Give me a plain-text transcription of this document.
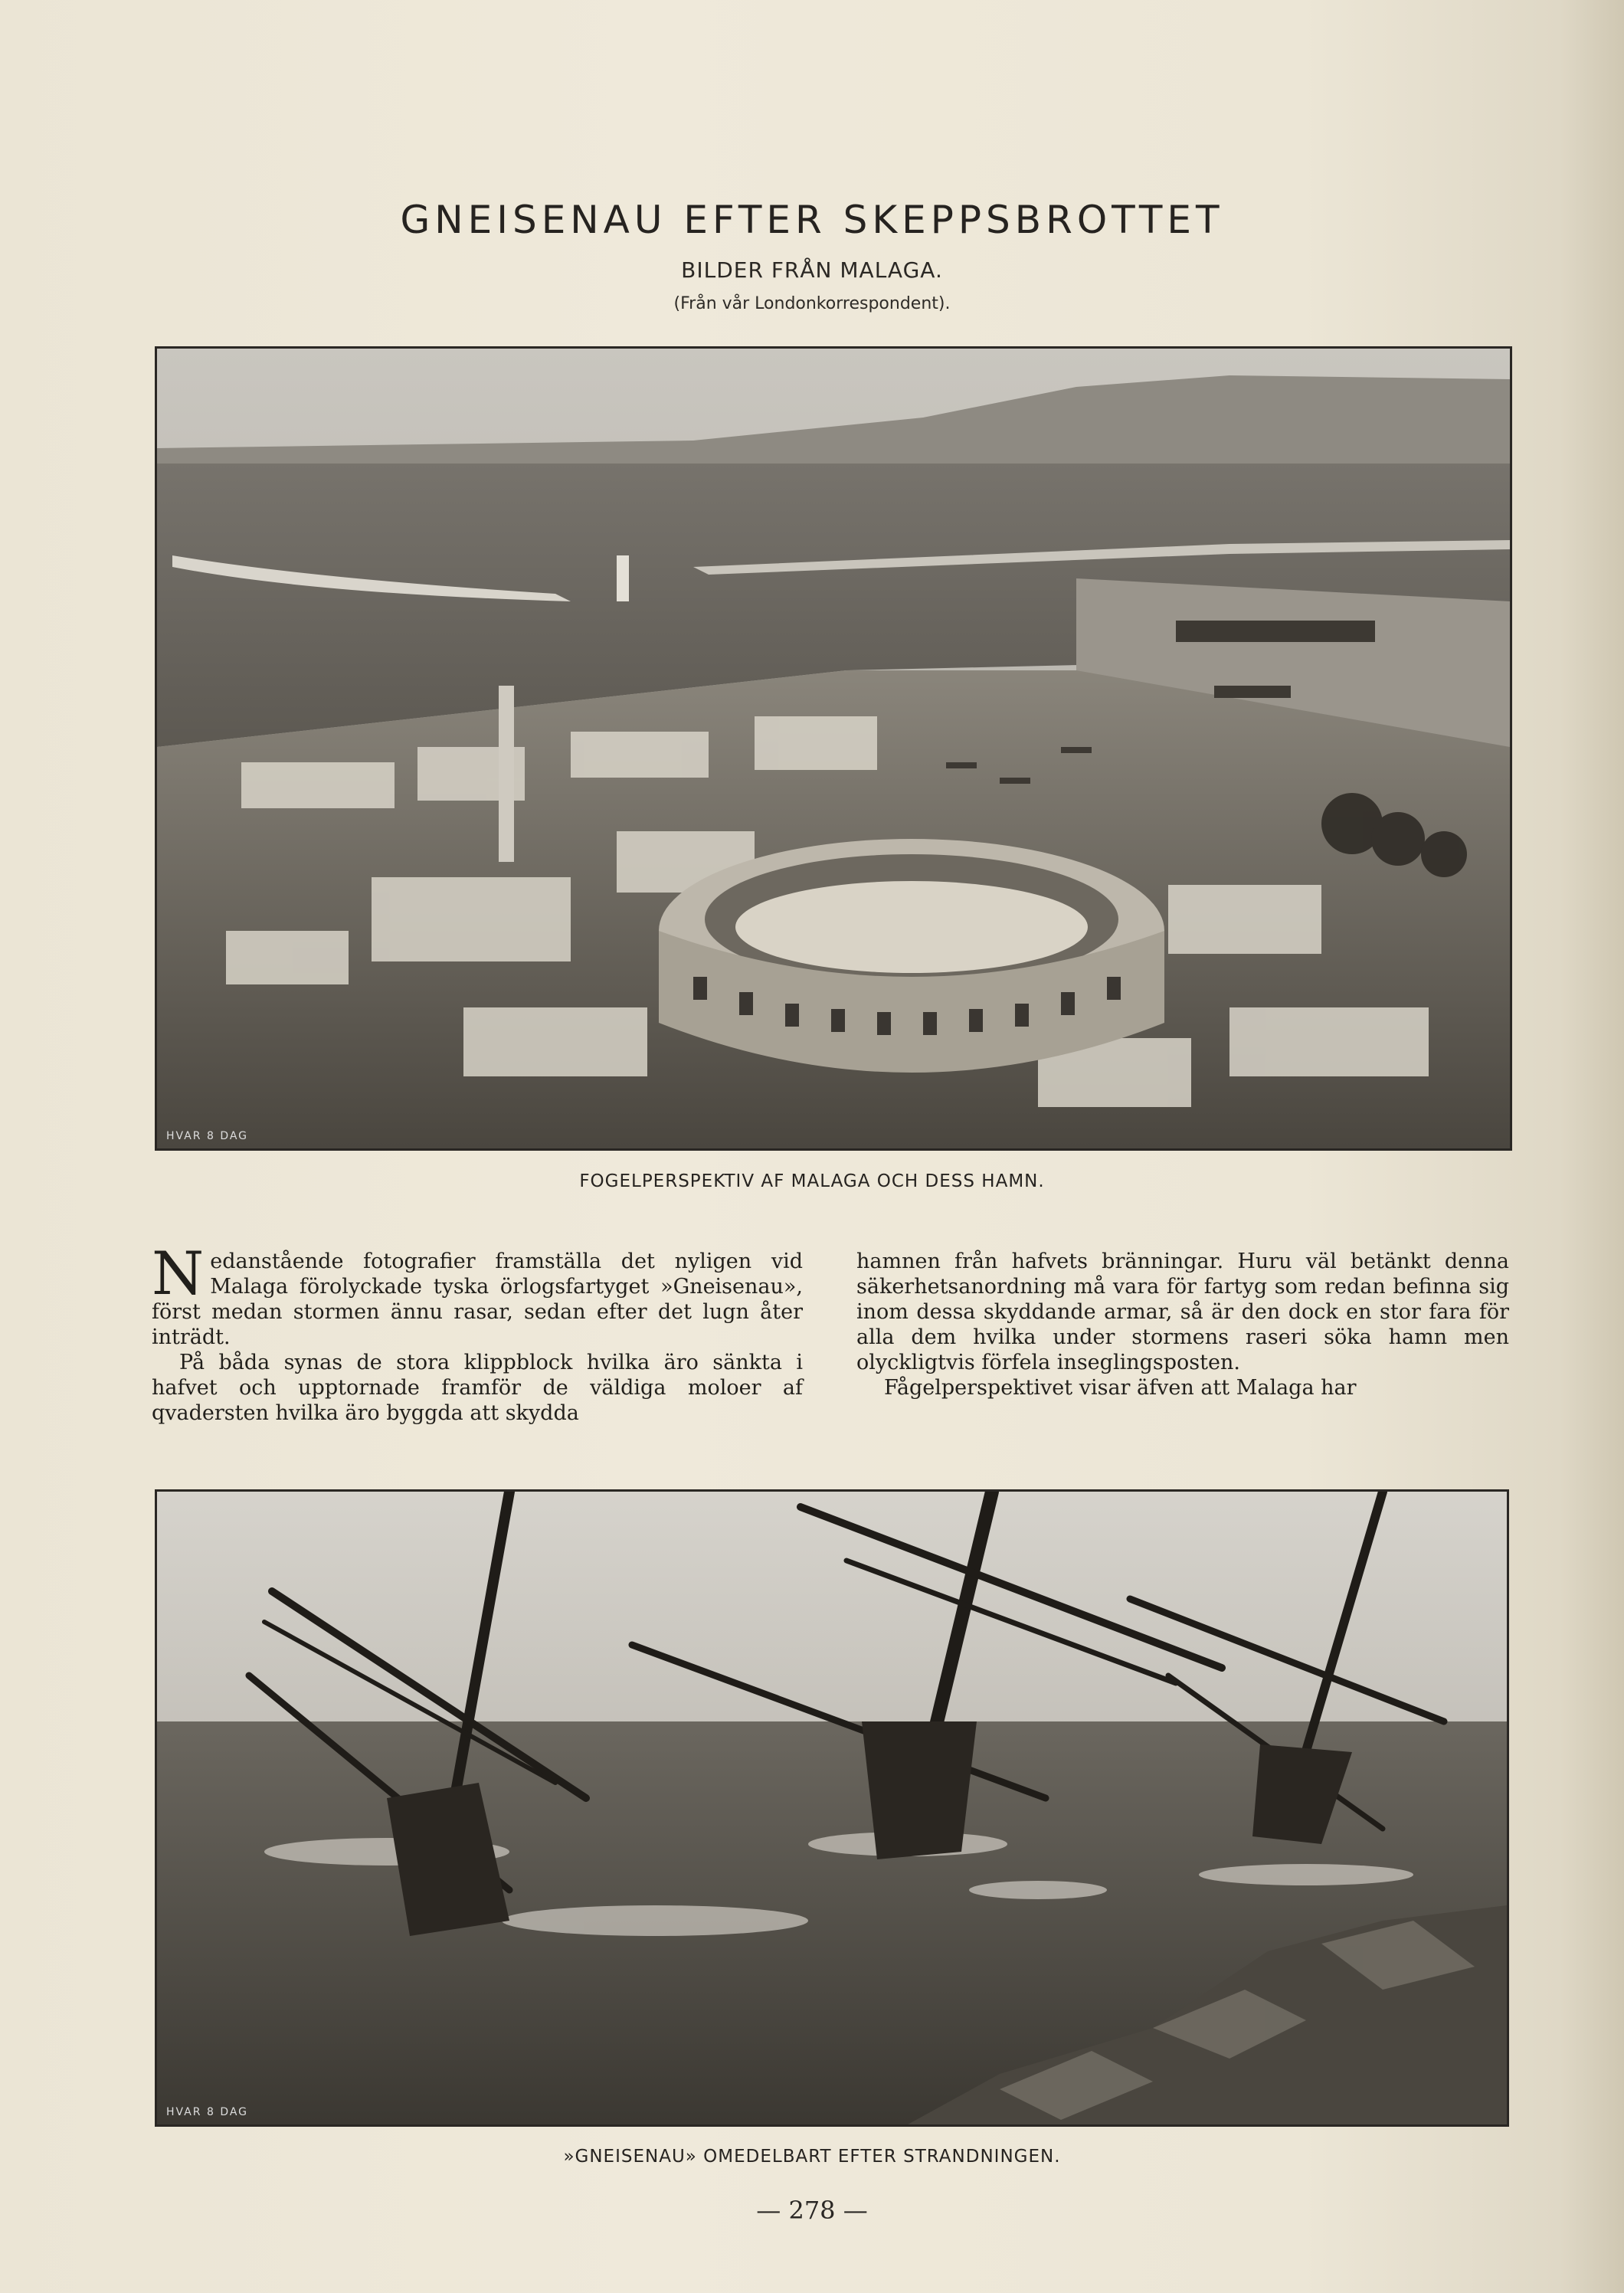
GNEISENAU EFTER SKEPPSBROTTET
BILDER FRÅN MALAGA.
(Från vår Londonkorrespondent).
HVAR 8 DAG
FOGELPERSPEKTIV AF MALAGA OCH DESS HAMN.

Nedanstående fotografier framställa det nyligen vid Malaga förolyckade tyska örlogsfartyget »Gneisenau», först medan stormen ännu rasar, sedan efter det lugn åter inträdt.

På båda synas de stora klippblock hvilka äro sänkta i hafvet och upptornade framför de väldiga moloer af qvadersten hvilka äro byggda att skydda

hamnen från hafvets bränningar. Huru väl betänkt denna säkerhetsanordning må vara för fartyg som redan befinna sig inom dessa skyddande armar, så är den dock en stor fara för alla dem hvilka under stormens raseri söka hamn men olyckligtvis förfela inseglingsposten.

Fågelperspektivet visar äfven att Malaga har

HVAR 8 DAG
»GNEISENAU» OMEDELBART EFTER STRANDNINGEN.
— 278 —
